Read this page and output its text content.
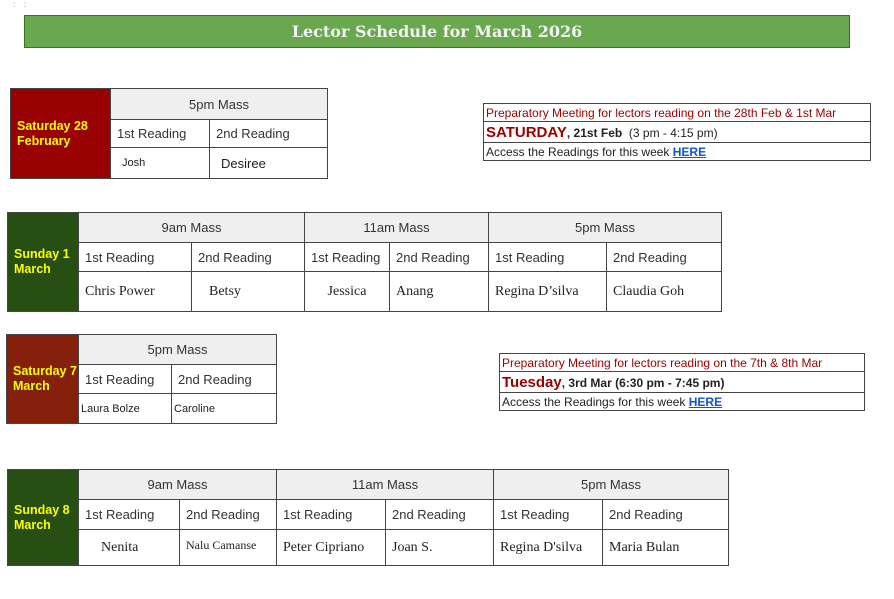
⋮⋮
Lector Schedule for March 2026
Saturday 28 February	5pm Mass	
	1st Reading	2nd Reading
	Josh	Desiree
Preparatory Meeting for lectors reading on the 28th Feb & 1st Mar
SATURDAY, 21st Feb  (3 pm - 4:15 pm)
Access the Readings for this week HERE
Sunday 1 March	9am Mass		11am Mass		5pm Mass	
	1st Reading	2nd Reading	1st Reading	2nd Reading	1st Reading	2nd Reading
	Chris Power	Betsy	Jessica	Anang	Regina D’silva	Claudia Goh
Saturday 7 March	5pm Mass	
	1st Reading	2nd Reading
	Laura Bolze	Caroline
Preparatory Meeting for lectors reading on the 7th & 8th Mar
Tuesday, 3rd Mar (6:30 pm - 7:45 pm)
Access the Readings for this week HERE
Sunday 8 March	9am Mass		11am Mass		5pm Mass	
	1st Reading	2nd Reading	1st Reading	2nd Reading	1st Reading	2nd Reading
	Nenita	Nalu Camanse	Peter Cipriano	Joan S.	Regina D'silva	Maria Bulan
